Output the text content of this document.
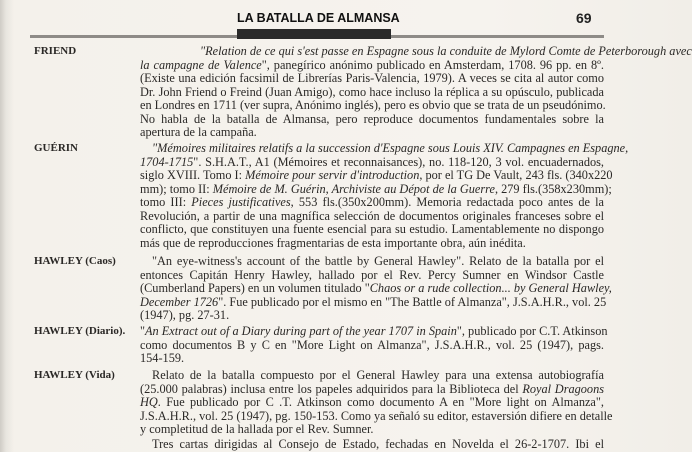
LA BATALLA DE ALMANSA	69
FRIEND	"Relation de ce qui s'est passe en Espagne sous la conduite de Mylord Comte de Peterborough avec
la campagne de Valence", panegírico anónimo publicado en Amsterdam, 1708. 96 pp. en 8º.
(Existe una edición facsimil de Librerías Paris-Valencia, 1979). A veces se cita al autor como
Dr. John Friend o Freind (Juan Amigo), como hace incluso la réplica a su opúsculo, publicada
en Londres en 1711 (ver supra, Anónimo inglés), pero es obvio que se trata de un pseudónimo.
No habla de la batalla de Almansa, pero reproduce documentos fundamentales sobre la
apertura de la campaña.
GUÉRIN	"Mémoires militaires relatifs a la succession d'Espagne sous Louis XIV. Campagnes en Espagne,
1704-1715". S.H.A.T., A1 (Mémoires et reconnaisances), no. 118-120, 3 vol. encuadernados,
siglo XVIII. Tomo I: Mémoire pour servir d'introduction, por el TG De Vault, 243 fls. (340x220
mm); tomo II: Mémoire de M. Guérin, Archiviste au Dépot de la Guerre, 279 fls.(358x230mm);
tomo III: Pieces justificatives, 553 fls.(350x200mm). Memoria redactada poco antes de la
Revolución, a partir de una magnífica selección de documentos originales franceses sobre el
conflicto, que constituyen una fuente esencial para su estudio. Lamentablemente no dispongo
más que de reproducciones fragmentarias de esta importante obra, aún inédita.
HAWLEY (Caos)	"An eye-witness's account of the battle by General Hawley". Relato de la batalla por el
entonces Capitán Henry Hawley, hallado por el Rev. Percy Sumner en Windsor Castle
(Cumberland Papers) en un volumen titulado "Chaos or a rude collection... by General Hawley,
December 1726". Fue publicado por el mismo en "The Battle of Almanza", J.S.A.H.R., vol. 25
(1947), pg. 27-31.
HAWLEY (Diario). "An Extract out of a Diary during part of the year 1707 in Spain", publicado por C.T. Atkinson
como documentos B y C en "More Light on Almanza", J.S.A.H.R., vol. 25 (1947), pags.
154-159.
HAWLEY (Vida)	Relato de la batalla compuesto por el General Hawley para una extensa autobiografía
(25.000 palabras) inclusa entre los papeles adquiridos para la Biblioteca del Royal Dragoons
HQ. Fue publicado por C .T. Atkinson como documento A en "More light on Almanza",
J.S.A.H.R., vol. 25 (1947), pg. 150-153. Como ya señaló su editor, estaversión difiere en detalle
y completitud de la hallada por el Rev. Sumner.
Tres cartas dirigidas al Consejo de Estado, fechadas en Novelda el 26-2-1707. Ibi el
